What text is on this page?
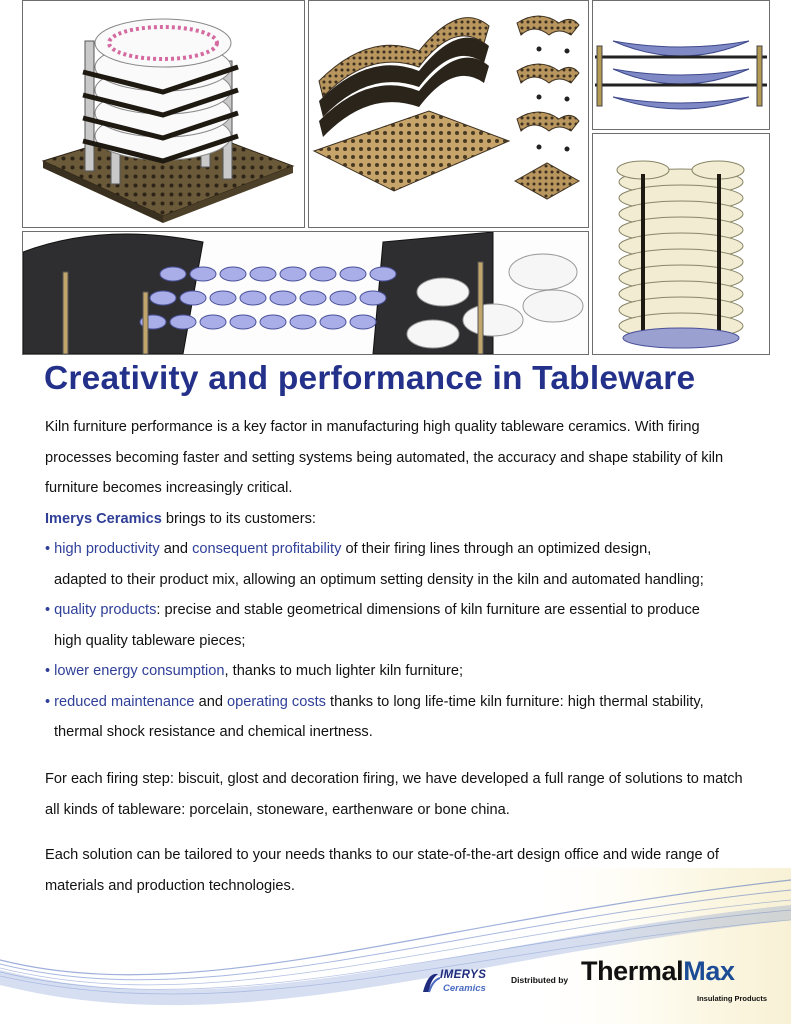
Creativity and performance in Tableware

Kiln furniture performance is a key factor in manufacturing high quality tableware ceramics. With firing processes becoming faster and setting systems being automated, the accuracy and shape stability of kiln furniture becomes increasingly critical.

Imerys Ceramics brings to its customers:

• high productivity and consequent profitability of their firing lines through an optimized design,

adapted to their product mix, allowing an optimum setting density in the kiln and automated handling;

• quality products: precise and stable geometrical dimensions of kiln furniture are essential to produce

high quality tableware pieces;

• lower energy consumption, thanks to much lighter kiln furniture;

• reduced maintenance and operating costs thanks to long life-time kiln furniture: high thermal stability,

thermal shock resistance and chemical inertness.

For each firing step: biscuit, glost and decoration firing, we have developed a full range of solutions to match all kinds of tableware: porcelain, stoneware, earthenware or bone china.

Each solution can be tailored to your needs thanks to our state-of-the-art design office and wide range of materials and production technologies.

IMERYS
Ceramics
Distributed by ThermalMax
Insulating Products
